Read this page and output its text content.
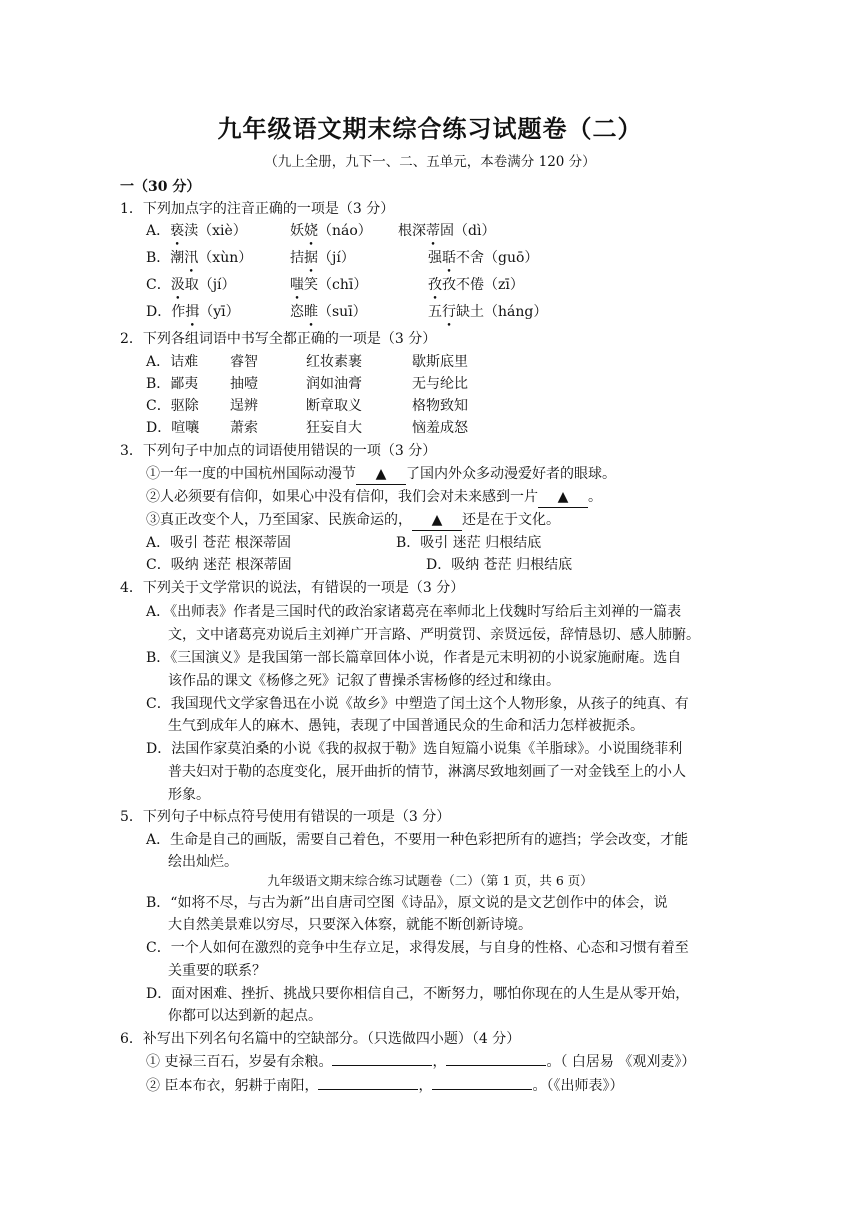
九年级语文期末综合练习试题卷（二）
（九上全册，九下一、二、五单元，本卷满分 120 分）
一（30 分）
1．下列加点字的注音正确的一项是（3 分）
A．亵渎（xiè）	妖娆（náo） 根深蒂固（dì）
B．潮汛（xùn）	拮据（jí）	强聒不舍（guō）
C．汲取（jí）	嗤笑（chī）	孜孜不倦（zī）
D．作揖（yī）	恣睢（suī）	五行缺土（háng）
2．下列各组词语中书写全都正确的一项是（3 分）
A．诘难 睿智	红妆素裹	歇斯底里
B．鄙夷 抽噎	润如油膏	无与纶比
C．驱除 逞辨	断章取义	格物致知
D．喧嚷 萧索	狂妄自大	恼羞成怒
3．下列句子中加点的词语使用错误的一项（3 分）
①一年一度的中国杭州国际动漫节 ▲ 了国内外众多动漫爱好者的眼球。
②人必须要有信仰，如果心中没有信仰，我们会对未来感到一片 ▲ 。
③真正改变个人，乃至国家、民族命运的， ▲ 还是在于文化。
A．吸引 苍茫 根深蒂固	B．吸引 迷茫 归根结底
C．吸纳 迷茫 根深蒂固	D．吸纳 苍茫 归根结底
4．下列关于文学常识的说法，有错误的一项是（3 分）
A．《出师表》作者是三国时代的政治家诸葛亮在率师北上伐魏时写给后主刘禅的一篇表
文，文中诸葛亮劝说后主刘禅广开言路、严明赏罚、亲贤远佞，辞情恳切、感人肺腑。
B．《三国演义》是我国第一部长篇章回体小说，作者是元末明初的小说家施耐庵。选自
该作品的课文《杨修之死》记叙了曹操杀害杨修的经过和缘由。
C．我国现代文学家鲁迅在小说《故乡》中塑造了闰土这个人物形象，从孩子的纯真、有
生气到成年人的麻木、愚钝，表现了中国普通民众的生命和活力怎样被扼杀。
D．法国作家莫泊桑的小说《我的叔叔于勒》选自短篇小说集《羊脂球》。小说围绕菲利
普夫妇对于勒的态度变化，展开曲折的情节，淋漓尽致地刻画了一对金钱至上的小人
形象。
5．下列句子中标点符号使用有错误的一项是（3 分）
A．生命是自己的画版，需要自己着色，不要用一种色彩把所有的遮挡；学会改变，才能
绘出灿烂。
九年级语文期末综合练习试题卷（二）（第 1 页，共 6 页）
B．“如将不尽，与古为新”出自唐司空图《诗品》，原文说的是文艺创作中的体会，说
大自然美景难以穷尽，只要深入体察，就能不断创新诗境。
C．一个人如何在激烈的竞争中生存立足，求得发展，与自身的性格、心态和习惯有着至
关重要的联系？
D．面对困难、挫折、挑战只要你相信自己，不断努力，哪怕你现在的人生是从零开始，
你都可以达到新的起点。
6．补写出下列名句名篇中的空缺部分。（只选做四小题）（4 分）
① 吏禄三百石，岁晏有余粮。	，	。（ 白居易 《观刈麦》）
② 臣本布衣，躬耕于南阳，	，	。（《出师表》）
